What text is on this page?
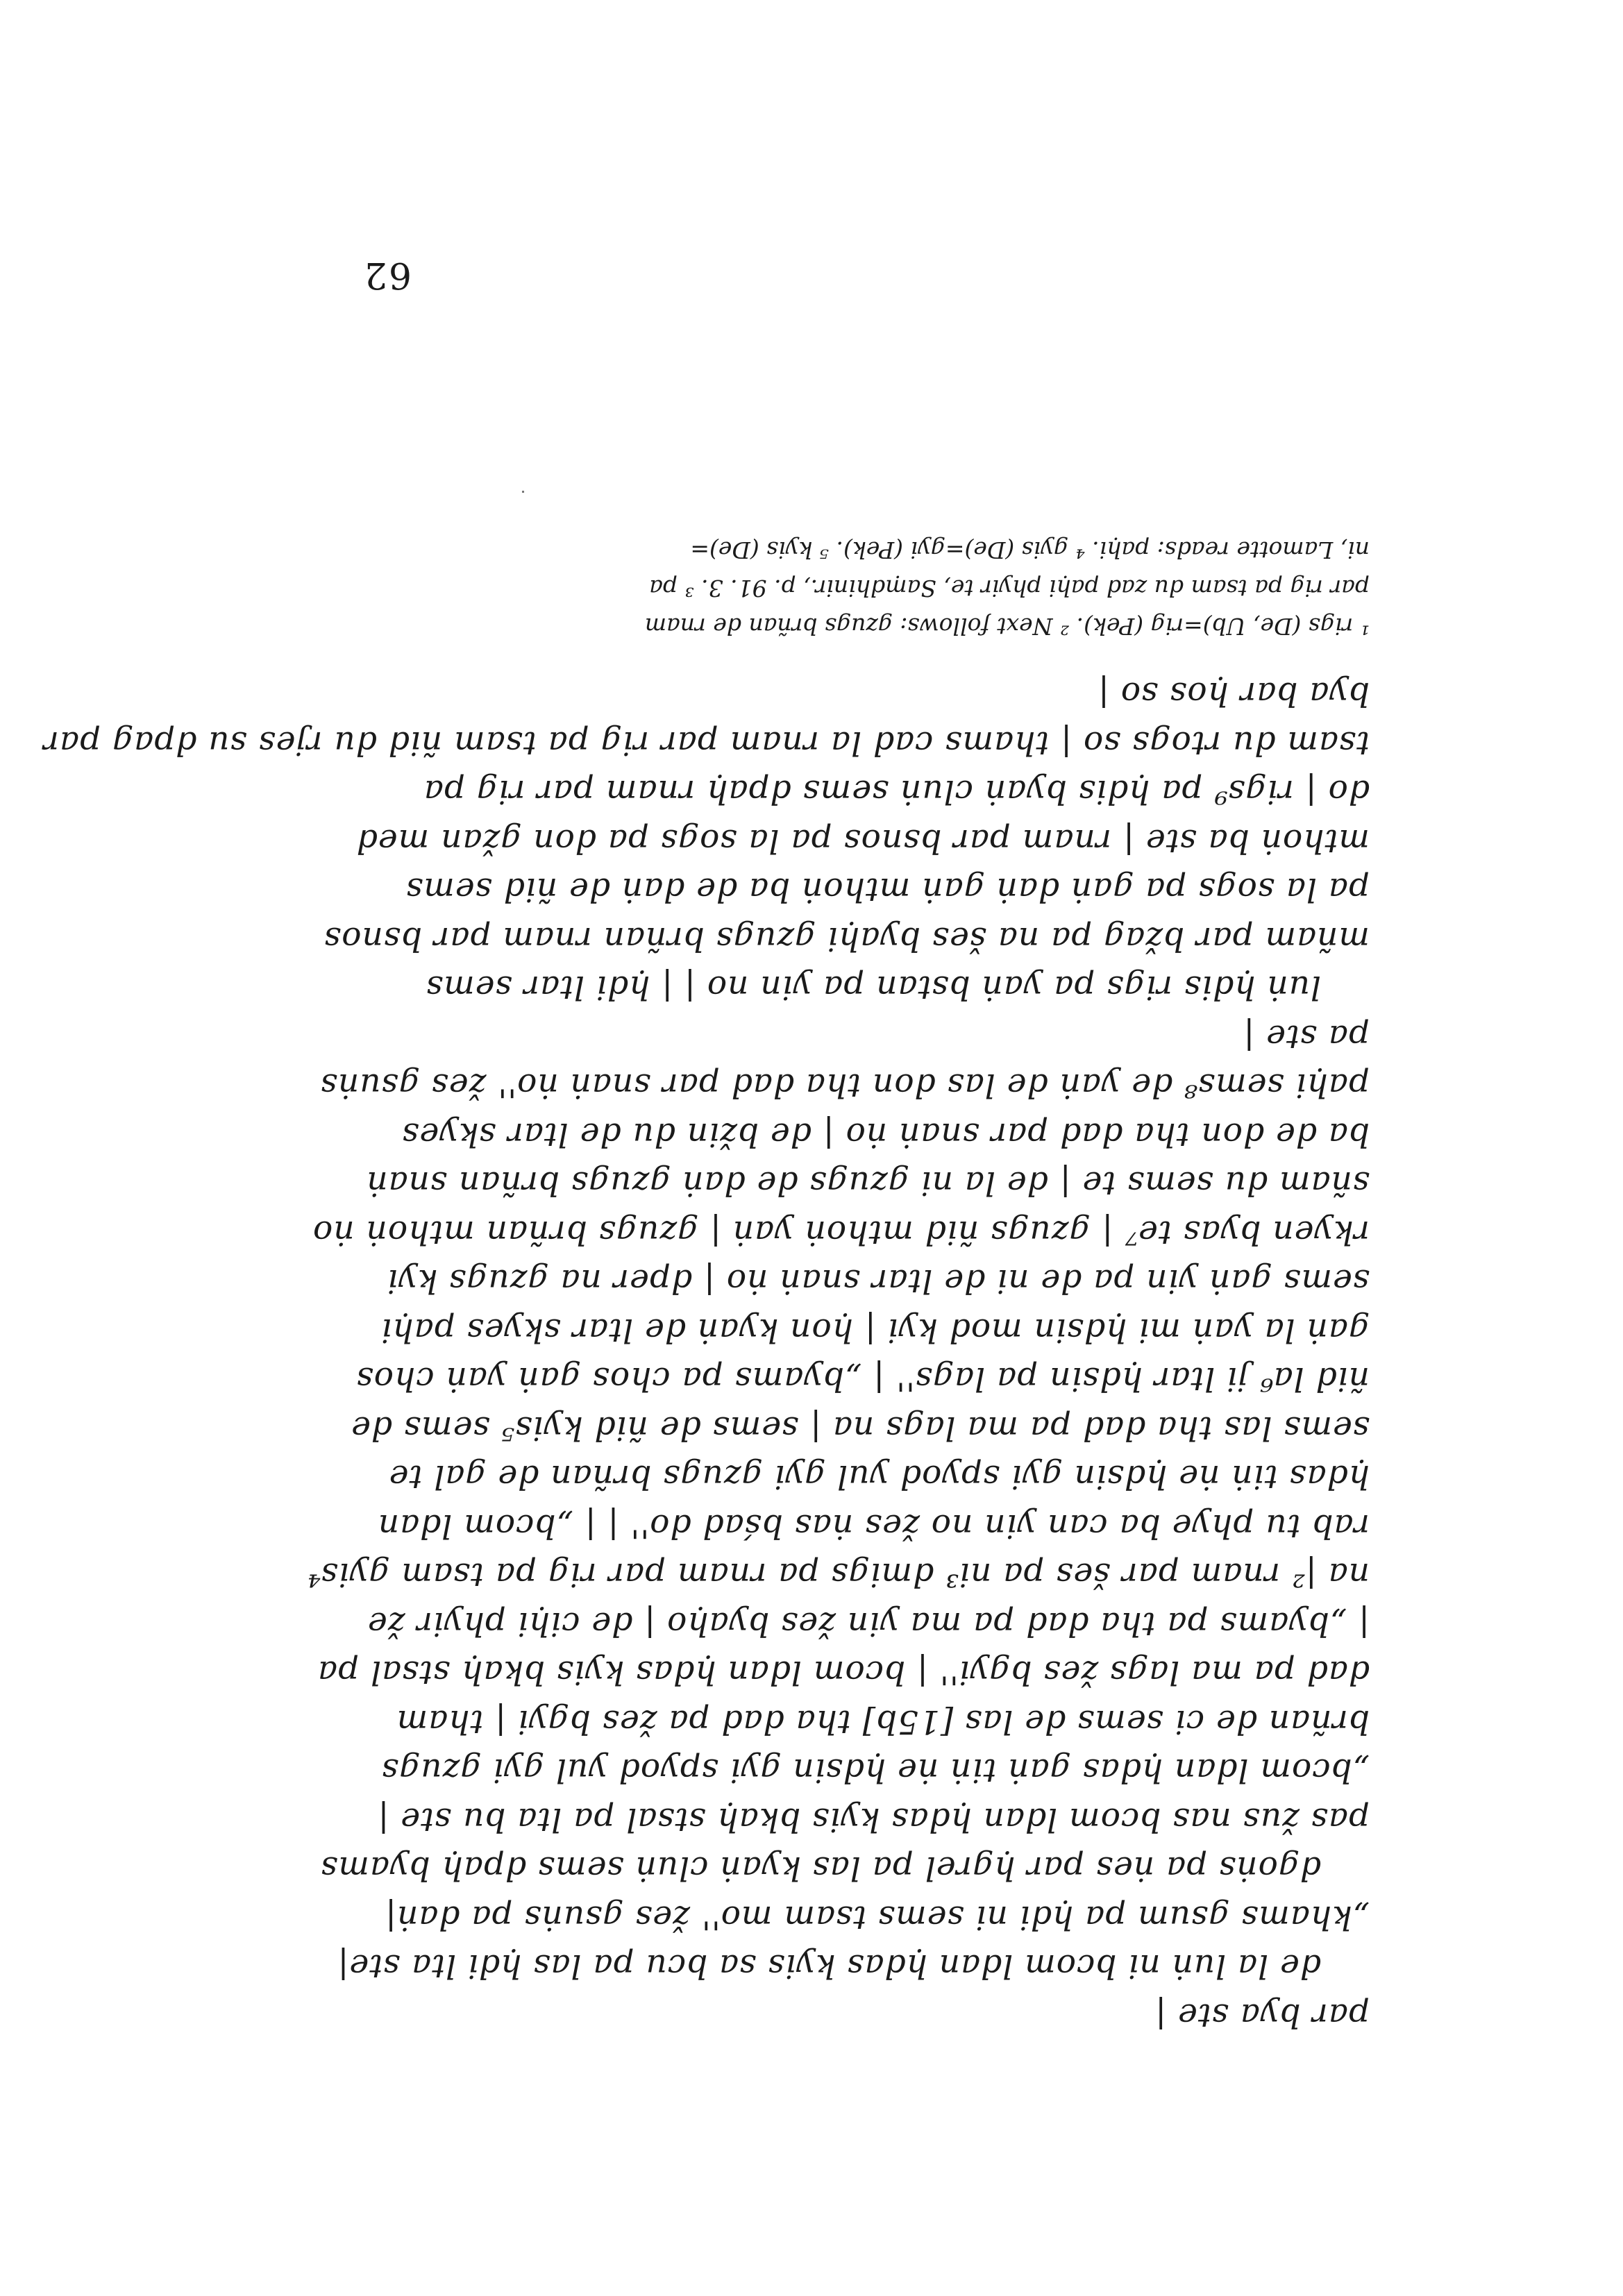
par bya ste |
de la luṅ ni bcom ldan ḥdas kyis sa bcu pa las ḥdi lta ste|
„khams gsum pa ḥdi ni sems tsam mo'' žes gsuṅs pa daṅ|
dgoṅs pa ṅes par ḥgrel pa las kyaṅ cluṅ sems dpaḥ byams
pas žus nas bcom ldan ḥdas kyis bkaḥ stsal pa lta bu ste |
„bcom ldan ḥdas gaṅ tiṅ ṅe ḥdsin gyi spyod yul gyi gzugs
brñan de ci sems de las [15b] tha dad pa žes bgyi | tham
dad pa ma lags žes bgyi'' | bcom ldan ḥdas kyis bkaḥ stsal pa
| „byams pa tha dad pa ma yin žes byaḥo | de ciḥi phyir že
na |² rnam par šes pa ni³ dmigs pa rnam par rig pa tsam gyis⁴
rab tu phye ba can yin no žes ṅas bśad do'' | | „bcom ldan
ḥdas tiṅ ṅe ḥdsin gyi spyod yul gyi gzugs brñan de gal te
sems las tha dad pa ma lags na | sems de ñid kyis⁵ sems de
ñid la⁶ ji ltar ḥdsin pa lags'' | „byams pa chos gaṅ yaṅ chos
gaṅ la yaṅ mi ḥdsin mod kyi | ḥon kyaṅ de ltar skyes paḥi
sems gaṅ yin pa de ni de ltar snaṅ ṅo | dper na gzugs kyi
rkyen byas te⁷ | gzugs ñid mthoṅ yaṅ | gzugs brñan mthoṅ ṅo
sñam du sems te | de la ni gzugs de daṅ gzugs brñan snaṅ
ba de don tha dad par snaṅ ṅo | de bžin du de ltar skyes
paḥi sems⁸ de yaṅ de las don tha dad par snaṅ ṅo'' žes gsuṅs
pa ste |
luṅ ḥdis rigs pa yaṅ bstan pa yin no | | ḥdi ltar sems
mñam par bžag pa na šes byaḥi gzugs brñan rnam par bsnos
pa la sogs pa gaṅ daṅ gaṅ mthoṅ ba de daṅ de ñid sems
mthoṅ ba ste | rnam par bsnos pa la sogs pa don gžan med
do | rigs⁹ pa ḥdis byaṅ cluṅ sems dpaḥ rnam par rig pa
tsam du rtogs so | thams cad la rnam par rig pa tsam ñid du rjes su dpag par
bya bar ḥos so |
¹ rigs (De, Ub)=rig (Pek). ² Next follows: gzugs brñan de rnam
par rig pa tsam du zad paḥi phyir te, Saṃdhinir., p. 91. 3. ³ pa
ni, Lamotte reads: paḥi. ⁴ gyis (De)=gyi (Pek). ⁵ kyis (De)=
62
